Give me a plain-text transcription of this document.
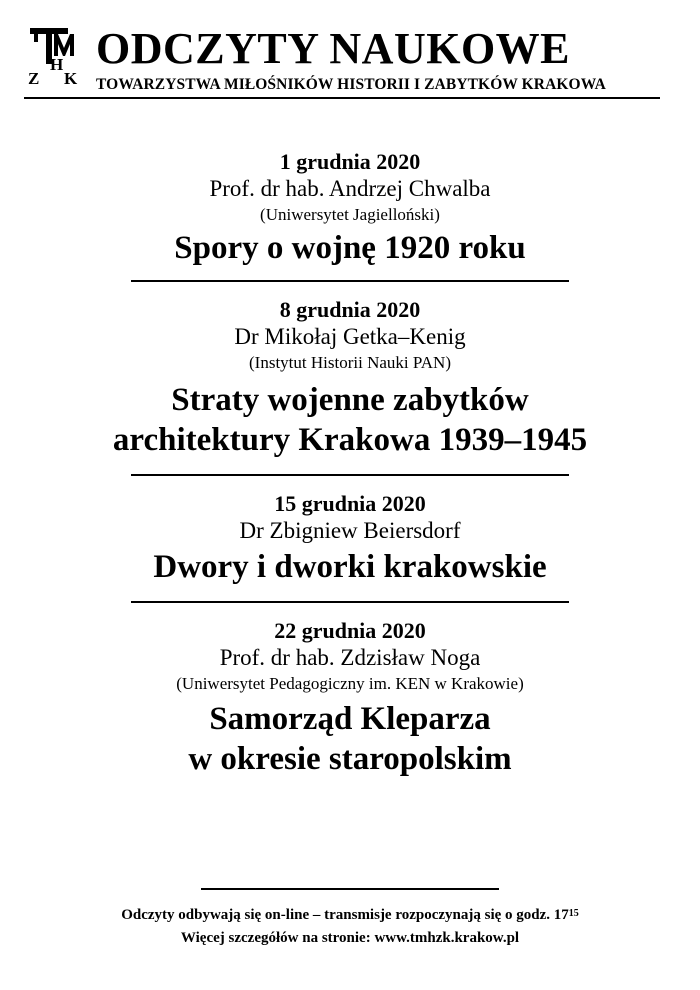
H
Z K
ODCZYTY NAUKOWE
TOWARZYSTWA MIŁOŚNIKÓW HISTORII I ZABYTKÓW KRAKOWA
1 grudnia 2020
Prof. dr hab. Andrzej Chwalba
(Uniwersytet Jagielloński)
Spory o wojnę 1920 roku
8 grudnia 2020
Dr Mikołaj Getka–Kenig
(Instytut Historii Nauki PAN)
Straty wojenne zabytków
architektury Krakowa 1939–1945
15 grudnia 2020
Dr Zbigniew Beiersdorf
Dwory i dworki krakowskie
22 grudnia 2020
Prof. dr hab. Zdzisław Noga
(Uniwersytet Pedagogiczny im. KEN w Krakowie)
Samorząd Kleparza
w okresie staropolskim
Odczyty odbywają się on-line – transmisje rozpoczynają się o godz. $17^{15}$
Więcej szczegółów na stronie: www.tmhzk.krakow.pl
